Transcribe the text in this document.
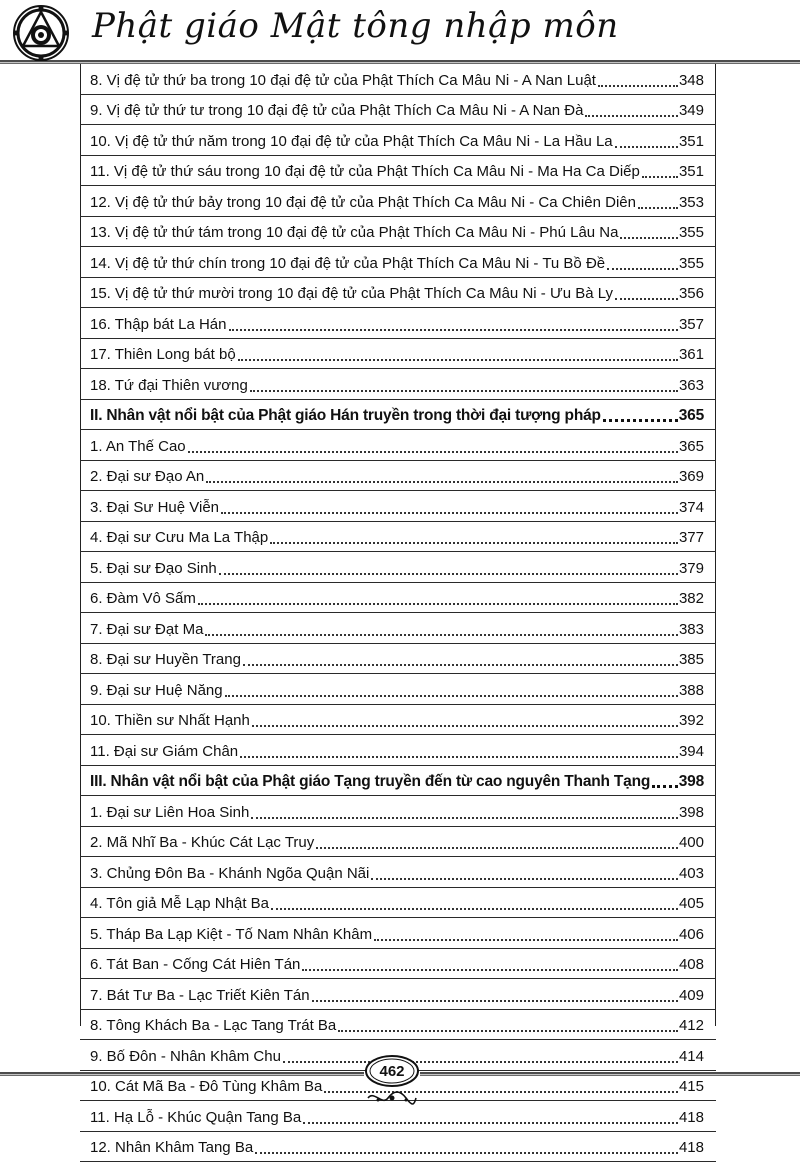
Phật giáo Mật tông nhập môn
8. Vị đệ tử thứ ba trong 10 đại đệ tử của Phật Thích Ca Mâu Ni - A Nan Luật	348
9. Vị đệ tử thứ tư trong 10 đại đệ tử của Phật Thích Ca Mâu Ni - A Nan Đà	349
10. Vị đệ tử thứ năm trong 10 đại đệ tử của Phật Thích Ca Mâu Ni - La Hầu La	351
11. Vị đệ tử thứ sáu trong 10 đại đệ tử của Phật Thích Ca Mâu Ni - Ma Ha Ca Diếp	351
12. Vị đệ tử thứ bảy trong 10 đại đệ tử của Phật Thích Ca Mâu Ni - Ca Chiên Diên	353
13. Vị đệ tử thứ tám trong 10 đại đệ tử của Phật Thích Ca Mâu Ni - Phú Lâu Na	355
14. Vị đệ tử thứ chín trong 10 đại đệ tử của Phật Thích Ca Mâu Ni - Tu Bồ Đề	355
15. Vị đệ tử thứ mười trong 10 đại đệ tử của Phật Thích Ca Mâu Ni - Ưu Bà Ly	356
16. Thập bát La Hán	357
17. Thiên Long bát bộ	361
18. Tứ đại Thiên vương	363
II. Nhân vật nổi bật của Phật giáo Hán truyền trong thời đại tượng pháp	365
1. An Thế Cao	365
2. Đại sư Đạo An	369
3. Đại Sư Huệ Viễn	374
4. Đại sư Cưu Ma La Thập	377
5. Đại sư Đạo Sinh	379
6. Đàm Vô Sấm	382
7. Đại sư Đạt Ma	383
8. Đại sư Huyền Trang	385
9. Đại sư Huệ Năng	388
10. Thiền sư Nhất Hạnh	392
11. Đại sư Giám Chân	394
III. Nhân vật nổi bật của Phật giáo Tạng truyền đến từ cao nguyên Thanh Tạng 398
1. Đại sư Liên Hoa Sinh	398
2. Mã Nhĩ Ba - Khúc Cát Lạc Truy	400
3. Chủng Đôn Ba - Khánh Ngõa Quận Nãi	403
4. Tôn giả Mễ Lạp Nhật Ba	405
5. Tháp Ba Lạp Kiệt - Tố Nam Nhân Khâm	406
6. Tát Ban - Cống Cát Hiên Tán	408
7. Bát Tư Ba - Lạc Triết Kiên Tán	409
8. Tông Khách Ba - Lạc Tang Trát Ba	412
9. Bố Đôn - Nhân Khâm Chu	414
10. Cát Mã Ba - Đô Tùng Khâm Ba	415
11. Hạ Lỗ - Khúc Quận Tang Ba	418
12. Nhân Khâm Tang Ba	418
462
